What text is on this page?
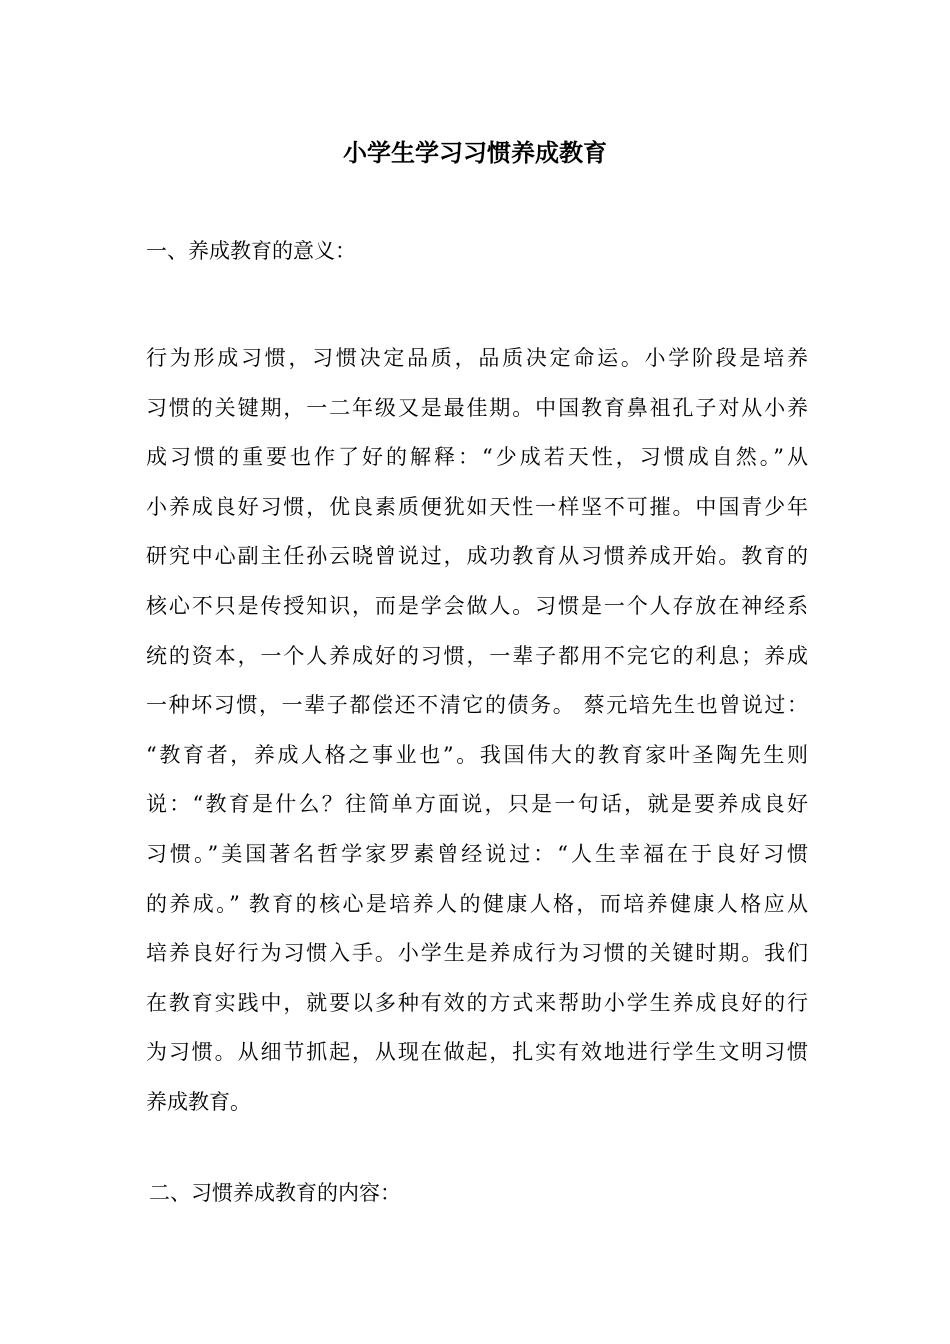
小学生学习习惯养成教育

一、养成教育的意义：

行为形成习惯，习惯决定品质，品质决定命运。小学阶段是培养
习惯的关键期，一二年级又是最佳期。中国教育鼻祖孔子对从小养
成习惯的重要也作了好的解释：“少成若天性，习惯成自然。”从
小养成良好习惯，优良素质便犹如天性一样坚不可摧。中国青少年
研究中心副主任孙云晓曾说过，成功教育从习惯养成开始。教育的
核心不只是传授知识，而是学会做人。习惯是一个人存放在神经系
统的资本，一个人养成好的习惯，一辈子都用不完它的利息；养成
一种坏习惯，一辈子都偿还不清它的债务。 蔡元培先生也曾说过：
“教育者，养成人格之事业也”。我国伟大的教育家叶圣陶先生则
说：“教育是什么？往简单方面说，只是一句话，就是要养成良好
习惯。”美国著名哲学家罗素曾经说过：“人生幸福在于良好习惯
的养成。” 教育的核心是培养人的健康人格，而培养健康人格应从
培养良好行为习惯入手。小学生是养成行为习惯的关键时期。我们
在教育实践中，就要以多种有效的方式来帮助小学生养成良好的行
为习惯。从细节抓起，从现在做起，扎实有效地进行学生文明习惯
养成教育。

二、习惯养成教育的内容：
